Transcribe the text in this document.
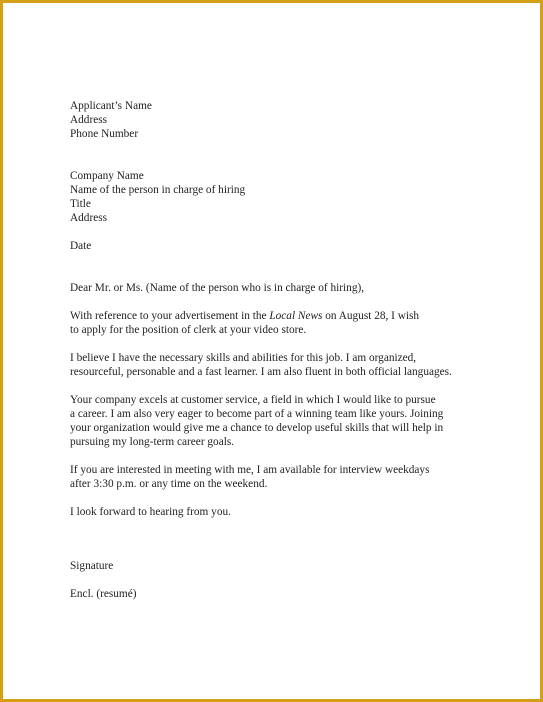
Applicant’s Name
Address
Phone Number
Company Name
Name of the person in charge of hiring
Title
Address
Date
Dear Mr. or Ms. (Name of the person who is in charge of hiring),
With reference to your advertisement in the Local News on August 28, I wish
to apply for the position of clerk at your video store.
I believe I have the necessary skills and abilities for this job. I am organized,
resourceful, personable and a fast learner. I am also fluent in both official languages.
Your company excels at customer service, a field in which I would like to pursue
a career. I am also very eager to become part of a winning team like yours. Joining
your organization would give me a chance to develop useful skills that will help in
pursuing my long-term career goals.
If you are interested in meeting with me, I am available for interview weekdays
after 3:30 p.m. or any time on the weekend.
I look forward to hearing from you.
Signature
Encl. (resumé)
